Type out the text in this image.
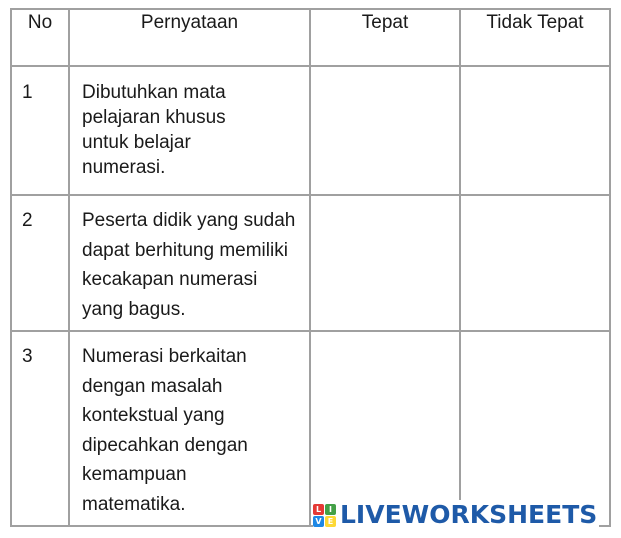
No	Pernyataan	Tepat	Tidak Tepat
1	Dibutuhkan mata pelajaran khusus untuk belajar numerasi.		

2	Peserta didik yang sudah dapat berhitung memiliki kecakapan numerasi yang bagus.		

3	Numerasi berkaitan dengan masalah kontekstual yang dipecahkan dengan kemampuan matematika.		
			L I
V E LIVEWORKSHEETS
